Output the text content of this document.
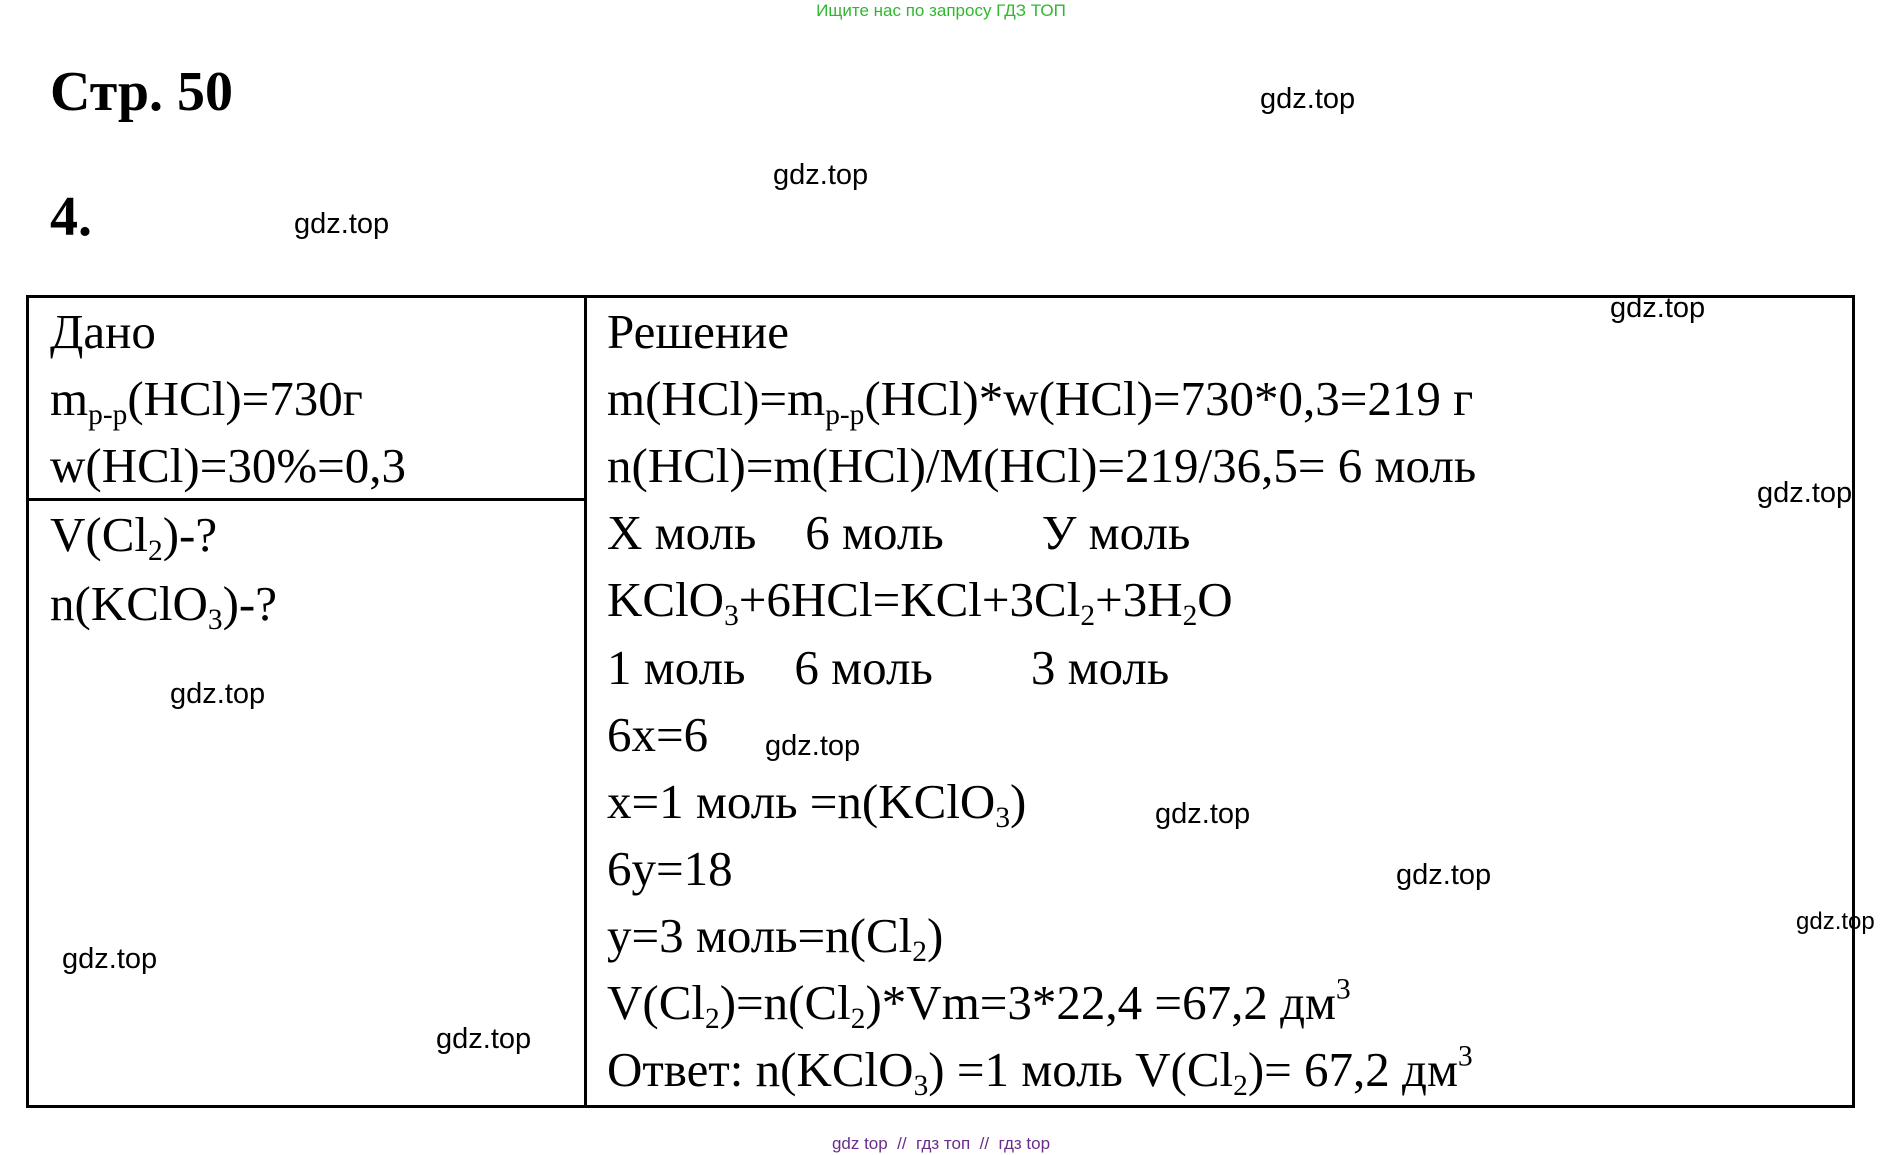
Ищите нас по запросу ГДЗ ТОП
Стр. 50
4.
gdz.top
gdz.top
gdz.top
gdz.top
gdz.top
gdz.top
gdz.top
gdz.top
gdz.top
gdz.top
gdz.top
gdz.top
Дано
$m_{р-р}(HCl)=730г$
w(HCl)=30%=0,3
$V(Cl_2)-$?
n(KClO$_3$)-?
Решение
$m(HCl)=m_{р-р}(HCl)*w(HCl)=730*0,3=219$ г
n(HCl)=m(HCl)/M(HCl)=219/36,5= 6 моль
X моль    6 моль        У моль
$KClO_3+6HCl=KCl+3Cl_2+3H_2O$
1 моль    6 моль        3 моль
6x=6
x=1 моль =n(KClO$_3$)
6y=18
y=3 $моль=n(Cl_2)$
$V(Cl_2)=n(Cl_2)*Vm=3*22,4 =67,2$ $дм^3$
Ответ: n(KClO$_3$) =1 моль $V(Cl_2)= 67,2$ $дм^3$
gdz top  //  гдз топ  //  гдз top
